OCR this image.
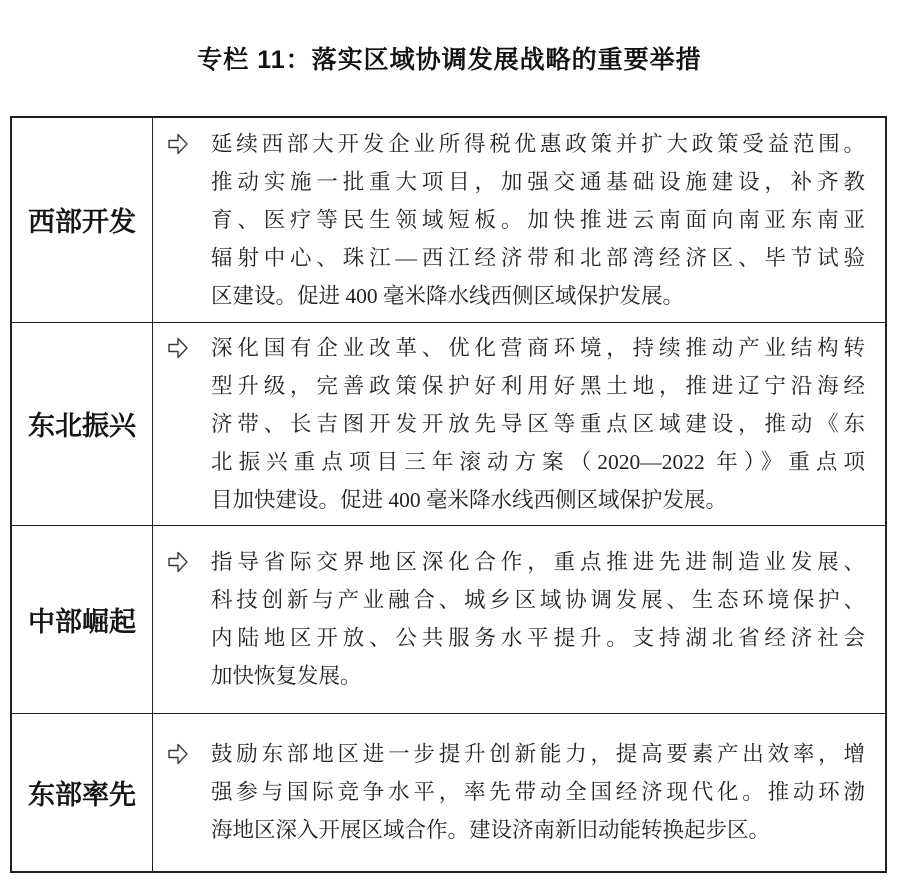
专栏 11：落实区域协调发展战略的重要举措
西部开发	
延续西部大开发企业所得税优惠政策并扩大政策受益范围。
推动实施一批重大项目，加强交通基础设施建设，补齐教
育、医疗等民生领域短板。加快推进云南面向南亚东南亚
辐射中心、珠江—西江经济带和北部湾经济区、毕节试验
区建设。促进 400 毫米降水线西侧区域保护发展。

东北振兴	
深化国有企业改革、优化营商环境，持续推动产业结构转
型升级，完善政策保护好利用好黑土地，推进辽宁沿海经
济带、长吉图开发开放先导区等重点区域建设，推动《东
北振兴重点项目三年滚动方案（2020—2022 年）》重点项
目加快建设。促进 400 毫米降水线西侧区域保护发展。

中部崛起	
指导省际交界地区深化合作，重点推进先进制造业发展、
科技创新与产业融合、城乡区域协调发展、生态环境保护、
内陆地区开放、公共服务水平提升。支持湖北省经济社会
加快恢复发展。

东部率先	
鼓励东部地区进一步提升创新能力，提高要素产出效率，增
强参与国际竞争水平，率先带动全国经济现代化。推动环渤
海地区深入开展区域合作。建设济南新旧动能转换起步区。
